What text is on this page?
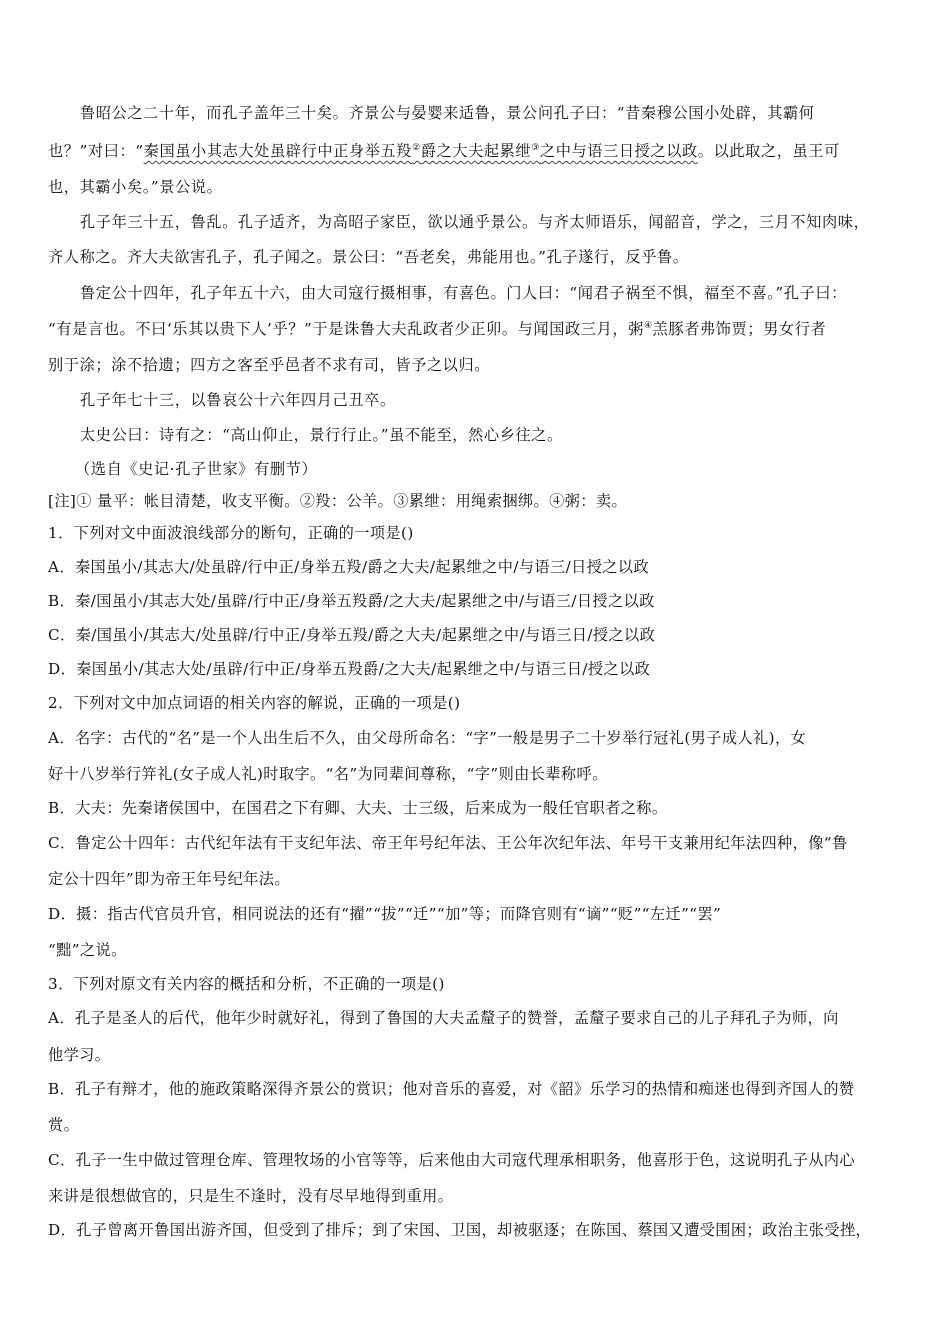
鲁昭公之二十年，而孔子盖年三十矣。齐景公与晏婴来适鲁，景公问孔子曰：“昔秦穆公国小处辟，其霸何
也？”对曰：“秦国虽小其志大处虽辟行中正身举五羖②爵之大夫起累绁③之中与语三日授之以政。以此取之，虽王可
也，其霸小矣。”景公说。
孔子年三十五，鲁乱。孔子适齐，为高昭子家臣，欲以通乎景公。与齐太师语乐，闻韶音，学之，三月不知肉味，
齐人称之。齐大夫欲害孔子，孔子闻之。景公曰：“吾老矣，弗能用也。”孔子遂行，反乎鲁。
鲁定公十四年，孔子年五十六，由大司寇行摄相事，有喜色。门人曰：“闻君子祸至不惧，福至不喜。”孔子曰：
“有是言也。不曰‘乐其以贵下人’乎？”于是诛鲁大夫乱政者少正卯。与闻国政三月，粥④羔豚者弗饰贾；男女行者
别于涂；涂不拾遗；四方之客至乎邑者不求有司，皆予之以归。
孔子年七十三，以鲁哀公十六年四月己丑卒。
太史公曰：诗有之：“高山仰止，景行行止。”虽不能至，然心乡往之。
（选自《史记·孔子世家》有删节）
[注]① 量平：帐目清楚，收支平衡。②羖：公羊。③累绁：用绳索捆绑。④粥：卖。
1．下列对文中面波浪线部分的断句，正确的一项是()
A．秦国虽小/其志大/处虽辟/行中正/身举五羖/爵之大夫/起累绁之中/与语三/日授之以政
B．秦/国虽小/其志大处/虽辟/行中正/身举五羖爵/之大夫/起累绁之中/与语三/日授之以政
C．秦/国虽小/其志大/处虽辟/行中正/身举五羖/爵之大夫/起累绁之中/与语三日/授之以政
D．秦国虽小/其志大处/虽辟/行中正/身举五羖爵/之大夫/起累绁之中/与语三日/授之以政
2．下列对文中加点词语的相关内容的解说，正确的一项是()
A．名字：古代的“名”是一个人出生后不久，由父母所命名：“字”一般是男子二十岁举行冠礼(男子成人礼)，女
好十八岁举行笄礼(女子成人礼)时取字。“名”为同辈间尊称，“字”则由长辈称呼。
B．大夫：先秦诸侯国中，在国君之下有卿、大夫、士三级，后来成为一般任官职者之称。
C．鲁定公十四年：古代纪年法有干支纪年法、帝王年号纪年法、王公年次纪年法、年号干支兼用纪年法四种，像“鲁
定公十四年”即为帝王年号纪年法。
D．摄：指古代官员升官，相同说法的还有“擢”“拔”“迁”“加”等；而降官则有“谪”“贬”“左迁”“罢”
“黜”之说。
3．下列对原文有关内容的概括和分析，不正确的一项是()
A．孔子是圣人的后代，他年少时就好礼，得到了鲁国的大夫孟釐子的赞誉，孟釐子要求自己的儿子拜孔子为师，向
他学习。
B．孔子有辩才，他的施政策略深得齐景公的赏识；他对音乐的喜爱，对《韶》乐学习的热情和痴迷也得到齐国人的赞
赏。
C．孔子一生中做过管理仓库、管理牧场的小官等等，后来他由大司寇代理承相职务，他喜形于色，这说明孔子从内心
来讲是很想做官的，只是生不逢时，没有尽早地得到重用。
D．孔子曾离开鲁国出游齐国，但受到了排斥；到了宋国、卫国，却被驱逐；在陈国、蔡国又遭受围困；政治主张受挫，
